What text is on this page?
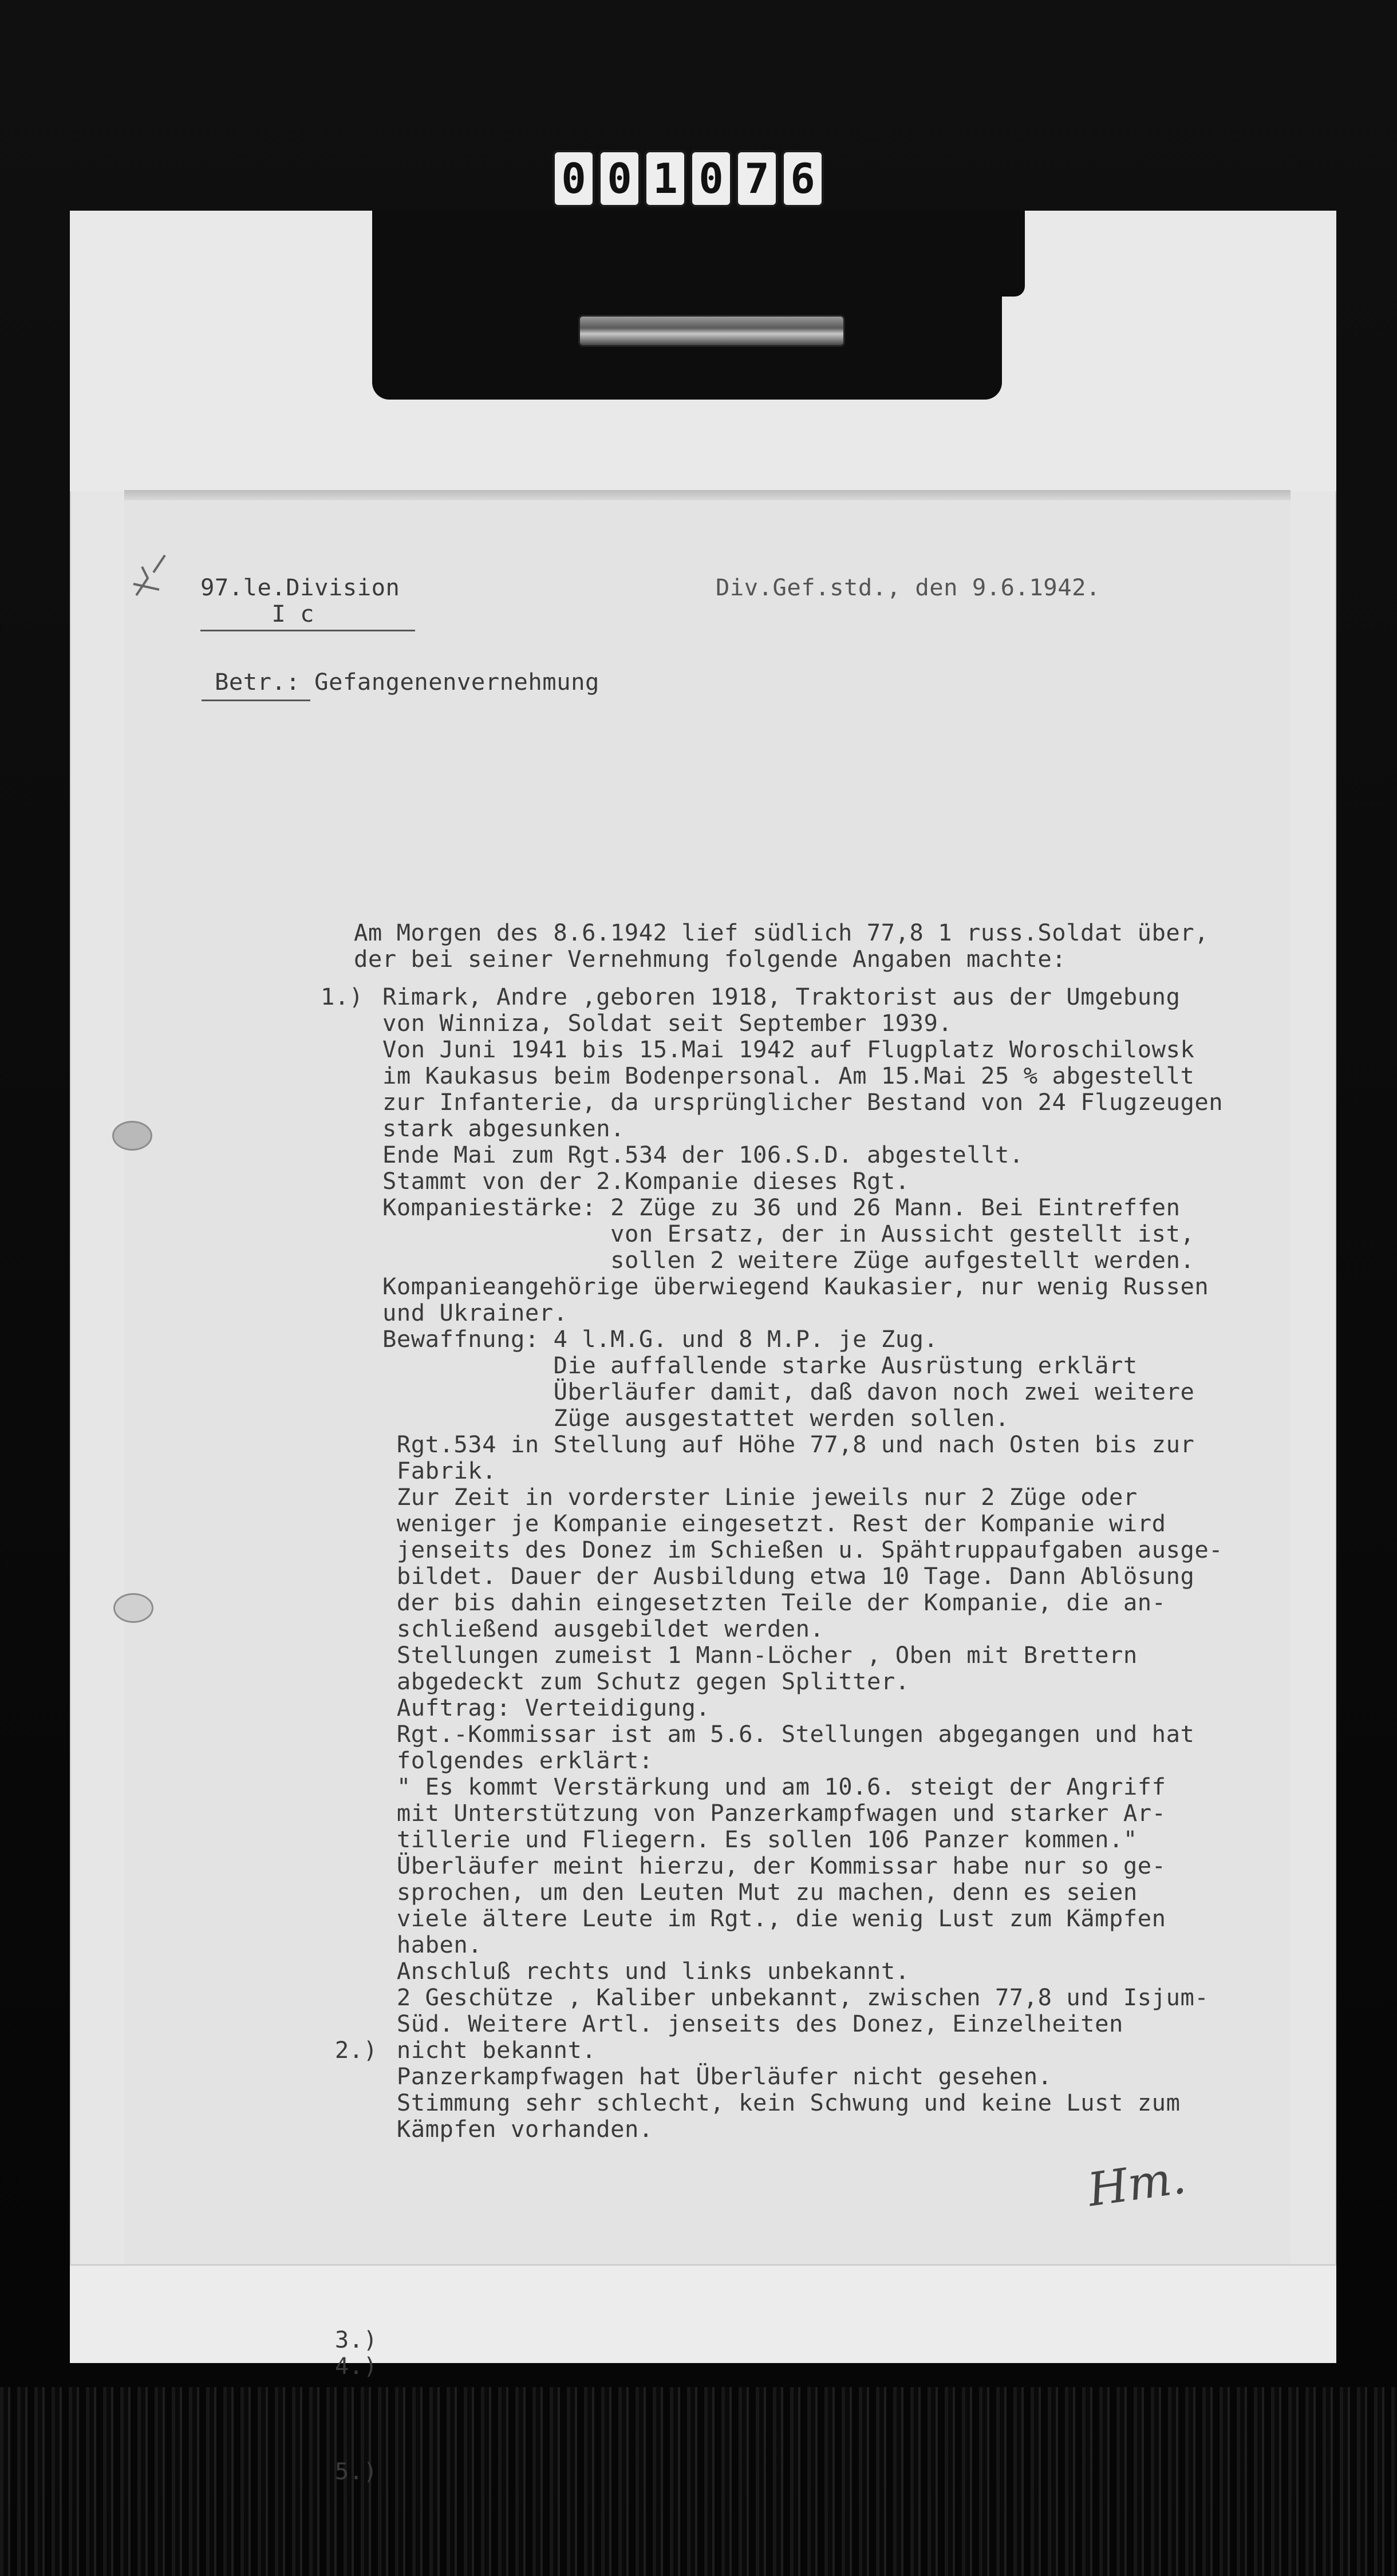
0 0 1 0 7 6
97.le.Division
I c
Div.Gef.std., den 9.6.1942.
Betr.: Gefangenenvernehmung
Am Morgen des 8.6.1942 lief südlich 77,8 1 russ.Soldat über,
der bei seiner Vernehmung folgende Angaben machte:
1.)

2.)

3.)
4.)

5.)
Rimark, Andre ,geboren 1918, Traktorist aus der Umgebung
von Winniza, Soldat seit September 1939.
Von Juni 1941 bis 15.Mai 1942 auf Flugplatz Woroschilowsk
im Kaukasus beim Bodenpersonal. Am 15.Mai 25 % abgestellt
zur Infanterie, da ursprünglicher Bestand von 24 Flugzeugen
stark abgesunken.
Ende Mai zum Rgt.534 der 106.S.D. abgestellt.
Stammt von der 2.Kompanie dieses Rgt.
Kompaniestärke: 2 Züge zu 36 und 26 Mann. Bei Eintreffen
von Ersatz, der in Aussicht gestellt ist,
sollen 2 weitere Züge aufgestellt werden.
Kompanieangehörige überwiegend Kaukasier, nur wenig Russen
und Ukrainer.
Bewaffnung: 4 l.M.G. und 8 M.P. je Zug.
Die auffallende starke Ausrüstung erklärt
Überläufer damit, daß davon noch zwei weitere
Züge ausgestattet werden sollen.
Rgt.534 in Stellung auf Höhe 77,8 und nach Osten bis zur
Fabrik.
Zur Zeit in vorderster Linie jeweils nur 2 Züge oder
weniger je Kompanie eingesetzt. Rest der Kompanie wird
jenseits des Donez im Schießen u. Spähtruppaufgaben ausge-
bildet. Dauer der Ausbildung etwa 10 Tage. Dann Ablösung
der bis dahin eingesetzten Teile der Kompanie, die an-
schließend ausgebildet werden.
Stellungen zumeist 1 Mann-Löcher , Oben mit Brettern
abgedeckt zum Schutz gegen Splitter.
Auftrag: Verteidigung.
Rgt.-Kommissar ist am 5.6. Stellungen abgegangen und hat
folgendes erklärt:
" Es kommt Verstärkung und am 10.6. steigt der Angriff
mit Unterstützung von Panzerkampfwagen und starker Ar-
tillerie und Fliegern. Es sollen 106 Panzer kommen."
Überläufer meint hierzu, der Kommissar habe nur so ge-
sprochen, um den Leuten Mut zu machen, denn es seien
viele ältere Leute im Rgt., die wenig Lust zum Kämpfen
haben.
Anschluß rechts und links unbekannt.
2 Geschütze , Kaliber unbekannt, zwischen 77,8 und Isjum-
Süd. Weitere Artl. jenseits des Donez, Einzelheiten
nicht bekannt.
Panzerkampfwagen hat Überläufer nicht gesehen.
Stimmung sehr schlecht, kein Schwung und keine Lust zum
Kämpfen vorhanden.
Hm.
